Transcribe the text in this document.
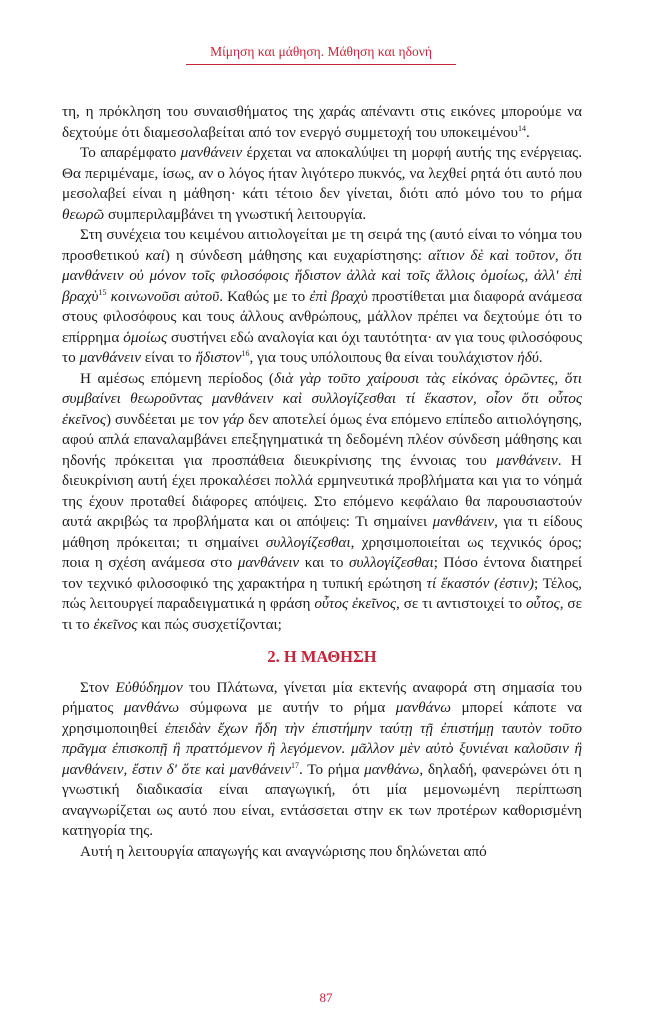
Μίμηση και μάθηση. Μάθηση και ηδονή

τη, η πρόκληση του συναισθήματος της χαράς απέναντι στις εικόνες μπορούμε να δεχτούμε ότι διαμεσολαβείται από τον ενεργό συμμετοχή του υποκειμένου$^{14}$.

Το απαρέμφατο μανθάνειν έρχεται να αποκαλύψει τη μορφή αυτής της ενέργειας. Θα περιμέναμε, ίσως, αν ο λόγος ήταν λιγότερο πυκνός, να λεχθεί ρητά ότι αυτό που μεσολαβεί είναι η μάθηση· κάτι τέτοιο δεν γίνεται, διότι από μόνο του το ρήμα θεωρῶ συμπεριλαμβάνει τη γνωστική λειτουργία.

Στη συνέχεια του κειμένου αιτιολογείται με τη σειρά της (αυτό είναι το νόημα του προσθετικού καί) η σύνδεση μάθησης και ευχαρίστησης: αἴτιον δὲ καὶ τοῦτον, ὅτι μανθάνειν οὐ μόνον τοῖς φιλοσόφοις ἥδιστον ἀλλὰ καὶ τοῖς ἄλλοις ὁμοίως, ἀλλ' ἐπὶ βραχὺ$^{15}$ κοινωνοῦσι αὐτοῦ. Καθώς με το ἐπὶ βραχὺ προστίθεται μια διαφορά ανάμεσα στους φιλοσόφους και τους άλλους ανθρώπους, μάλλον πρέπει να δεχτούμε ότι το επίρρημα ὁμοίως συστήνει εδώ αναλογία και όχι ταυτότητα· αν για τους φιλοσόφους το μανθάνειν είναι το ἥδιστον$^{16}$, για τους υπόλοιπους θα είναι τουλάχιστον ἡδύ.

Η αμέσως επόμενη περίοδος (διὰ γὰρ τοῦτο χαίρουσι τὰς εἰκόνας ὁρῶντες, ὅτι συμβαίνει θεωροῦντας μανθάνειν καὶ συλλογίζεσθαι τί ἕκαστον, οἷον ὅτι οὗτος ἐκεῖνος) συνδέεται με τον γάρ δεν αποτελεί όμως ένα επόμενο επίπεδο αιτιολόγησης, αφού απλά επαναλαμβάνει επεξηγηματικά τη δεδομένη πλέον σύνδεση μάθησης και ηδονής πρόκειται για προσπάθεια διευκρίνισης της έννοιας του μανθάνειν. Η διευκρίνιση αυτή έχει προκαλέσει πολλά ερμηνευτικά προβλήματα και για το νόημά της έχουν προταθεί διάφορες απόψεις. Στο επόμενο κεφάλαιο θα παρουσιαστούν αυτά ακριβώς τα προβλήματα και οι απόψεις: Τι σημαίνει μανθάνειν, για τι είδους μάθηση πρόκειται; τι σημαίνει συλλογίζεσθαι, χρησιμοποιείται ως τεχνικός όρος; ποια η σχέση ανάμεσα στο μανθάνειν και το συλλογίζεσθαι; Πόσο έντονα διατηρεί τον τεχνικό φιλοσοφικό της χαρακτήρα η τυπική ερώτηση τί ἕκαστόν (ἐστιν); Τέλος, πώς λειτουργεί παραδειγματικά η φράση οὗτος ἐκεῖνος, σε τι αντιστοιχεί το οὗτος, σε τι το ἐκεῖνος και πώς συσχετίζονται;

2. Η ΜΑΘΗΣΗ

Στον Εὐθύδημον του Πλάτωνα, γίνεται μία εκτενής αναφορά στη σημασία του ρήματος μανθάνω σύμφωνα με αυτήν το ρήμα μανθάνω μπορεί κάποτε να χρησιμοποιηθεί ἐπειδὰν ἔχων ἤδη τὴν ἐπιστήμην ταύτῃ τῇ ἐπιστήμῃ ταυτὸν τοῦτο πρᾶγμα ἐπισκοπῇ ἢ πραττόμενον ἢ λεγόμενον. μᾶλλον μὲν αὐτὸ ξυνιέναι καλοῦσιν ἢ μανθάνειν, ἔστιν δ' ὅτε καὶ μανθάνειν$^{17}$. Το ρήμα μανθάνω, δηλαδή, φανερώνει ότι η γνωστική διαδικασία είναι απαγωγική, ότι μία μεμονωμένη περίπτωση αναγνωρίζεται ως αυτό που είναι, εντάσσεται στην εκ των προτέρων καθορισμένη κατηγορία της.

Αυτή η λειτουργία απαγωγής και αναγνώρισης που δηλώνεται από

87
